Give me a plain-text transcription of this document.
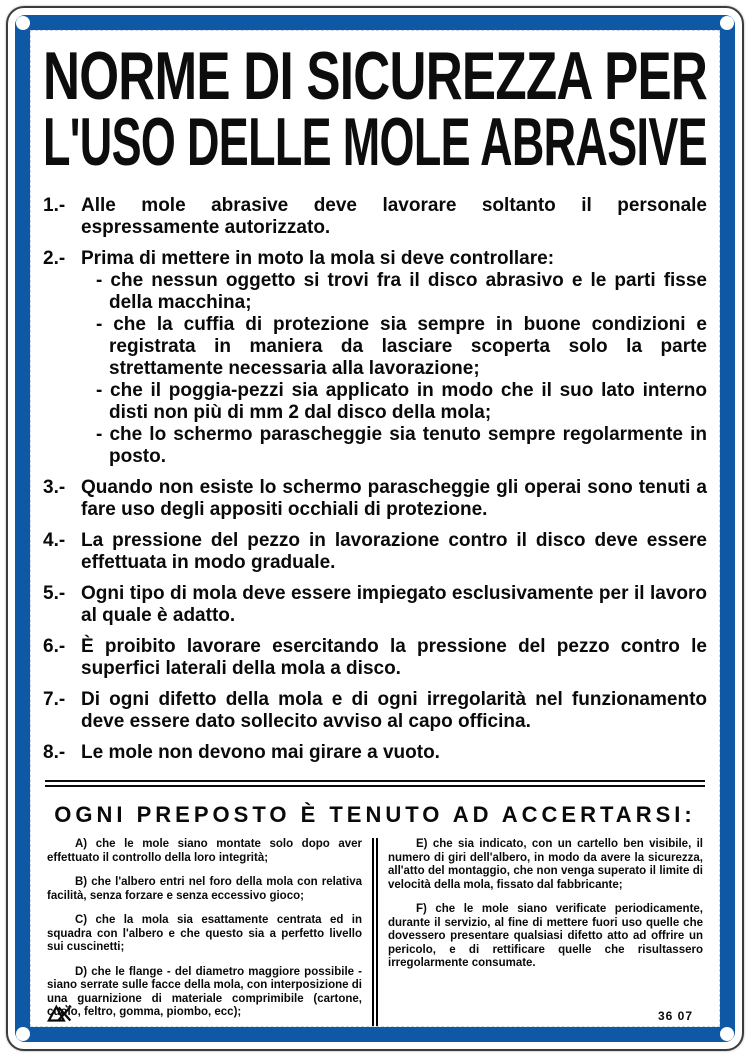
NORME DI SICUREZZA PER
L'USO DELLE MOLE ABRASIVE
1.- Alle mole abrasive deve lavorare soltanto il personale espressamente autorizzato.
2.- Prima di mettere in moto la mola si deve controllare:
- che nessun oggetto si trovi fra il disco abrasivo e le parti fisse della macchina;
- che la cuffia di protezione sia sempre in buone condizioni e registrata in maniera da lasciare scoperta solo la parte strettamente necessaria alla lavorazione;
- che il poggia-pezzi sia applicato in modo che il suo lato interno disti non più di mm 2 dal disco della mola;
- che lo schermo parascheggie sia tenuto sempre regolarmente in posto.
3.- Quando non esiste lo schermo parascheggie gli operai sono tenuti a fare uso degli appositi occhiali di protezione.
4.- La pressione del pezzo in lavorazione contro il disco deve essere effettuata in modo graduale.
5.- Ogni tipo di mola deve essere impiegato esclusivamente per il lavoro al quale è adatto.
6.- È proibito lavorare esercitando la pressione del pezzo contro le superfici laterali della mola a disco.
7.- Di ogni difetto della mola e di ogni irregolarità nel funzionamento deve essere dato sollecito avviso al capo officina.
8.- Le mole non devono mai girare a vuoto.
OGNI PREPOSTO È TENUTO AD ACCERTARSI:

A) che le mole siano montate solo dopo aver effettuato il controllo della loro integrità;

B) che l'albero entri nel foro della mola con relativa facilità, senza forzare e senza eccessivo gioco;

C) che la mola sia esattamente centrata ed in squadra con l'albero e che questo sia a perfetto livello sui cuscinetti;

D) che le flange - del diametro maggiore possibile - siano serrate sulle facce della mola, con interposizione di una guarnizione di materiale comprimibile (cartone, cuoio, feltro, gomma, piombo, ecc);

E) che sia indicato, con un cartello ben visibile, il numero di giri dell'albero, in modo da avere la sicurezza, all'atto del montaggio, che non venga superato il limite di velocità della mola, fissato dal fabbricante;

F) che le mole siano verificate periodicamente, durante il servizio, al fine di mettere fuori uso quelle che dovessero presentare qualsiasi difetto atto ad offrire un pericolo, e di rettificare quelle che risultassero irregolarmente consumate.

36 07
